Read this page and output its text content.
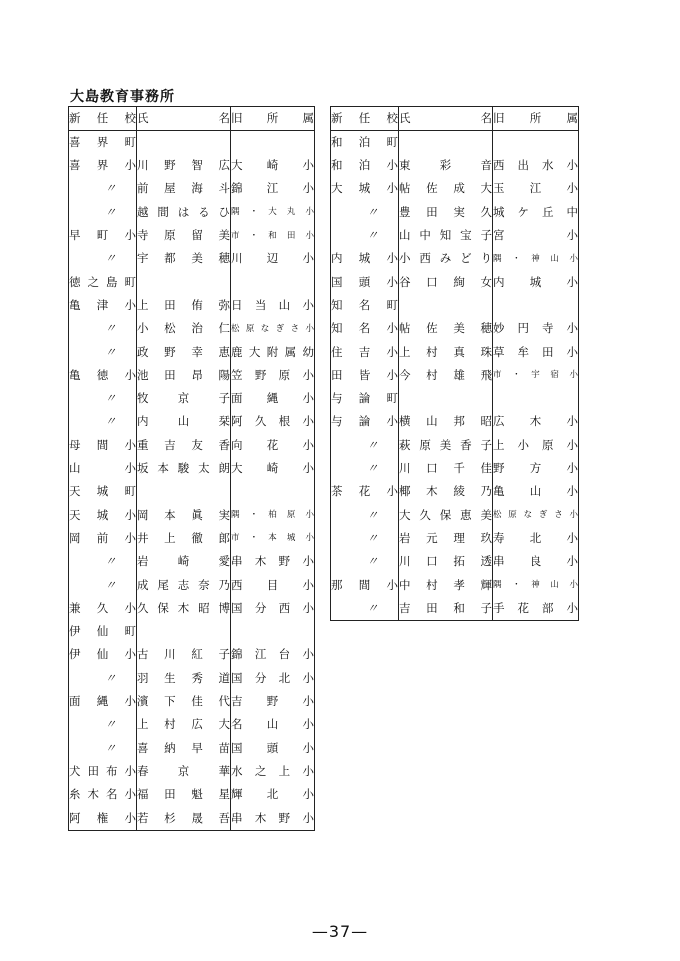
大島教育事務所
新任校	氏名	旧所属
喜界町		
喜界小	川野智広	大崎小
〃	前屋海斗	錦江小
〃	越間はるひ	隅・大丸小
早町小	寺原留美	市・和田小
〃	宇都美穂	川辺小
徳之島町		
亀津小	上田侑弥	日当山小
〃	小松治仁	松原なぎさ小
〃	政野幸恵	鹿大附属幼
亀徳小	池田昂陽	笠野原小
〃	牧京子	面縄小
〃	内山栞	阿久根小
母間小	重吉友香	向花小
山小	坂本駿太朗	大崎小
天城町		
天城小	岡本眞実	隅・柏原小
岡前小	井上徹郎	市・本城小
〃	岩崎愛	串木野小
〃	成尾志奈乃	西目小
兼久小	久保木昭博	国分西小
伊仙町		
伊仙小	古川紅子	錦江台小
〃	羽生秀道	国分北小
面縄小	濱下佳代	吉野小
〃	上村広大	名山小
〃	喜納早苗	国頭小
犬田布小	春京華	水之上小
糸木名小	福田魁星	輝北小
阿権小	若杉晟吾	串木野小
新任校	氏名	旧所属
和泊町		
和泊小	東彩音	西出水小
大城小	帖佐成大	玉江小
〃	豊田実久	城ケ丘中
〃	山中知宝子	宮小
内城小	小西みどり	隅・神山小
国頭小	谷口絢女	内城小
知名町		
知名小	帖佐美穂	妙円寺小
住吉小	上村真珠	草牟田小
田皆小	今村雄飛	市・宇宿小
与論町		
与論小	横山邦昭	広木小
〃	萩原美香子	上小原小
〃	川口千佳	野方小
茶花小	椰木綾乃	亀山小
〃	大久保恵美	松原なぎさ小
〃	岩元理玖	寿北小
〃	川口拓透	串良小
那間小	中村孝輝	隅・神山小
〃	吉田和子	手花部小
—37—
